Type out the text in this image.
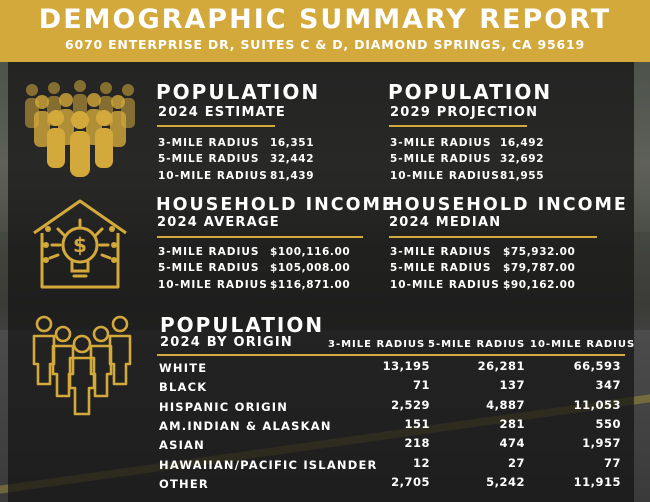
DEMOGRAPHIC SUMMARY REPORT
6070 ENTERPRISE DR, SUITES C & D, DIAMOND SPRINGS, CA 95619
POPULATION
2024 ESTIMATE
3-MILE RADIUS 16,351
5-MILE RADIUS 32,442
10-MILE RADIUS 81,439
POPULATION
2029 PROJECTION
3-MILE RADIUS 16,492
5-MILE RADIUS 32,692
10-MILE RADIUS 81,955
$
HOUSEHOLD INCOME
2024 AVERAGE
3-MILE RADIUS $100,116.00
5-MILE RADIUS $105,008.00
10-MILE RADIUS $116,871.00
HOUSEHOLD INCOME
2024 MEDIAN
3-MILE RADIUS $75,932.00
5-MILE RADIUS $79,787.00
10-MILE RADIUS $90,162.00
POPULATION
2024 BY ORIGIN	3-MILE RADIUS 5-MILE RADIUS 10-MILE RADIUS
WHITE	13,195	26,281	66,593
BLACK	71	137	347
HISPANIC ORIGIN	2,529	4,887	11,053
AM.INDIAN & ALASKAN	151	281	550
ASIAN	218	474	1,957
HAWAIIAN/PACIFIC ISLANDER	12	27	77
OTHER	2,705	5,242	11,915
